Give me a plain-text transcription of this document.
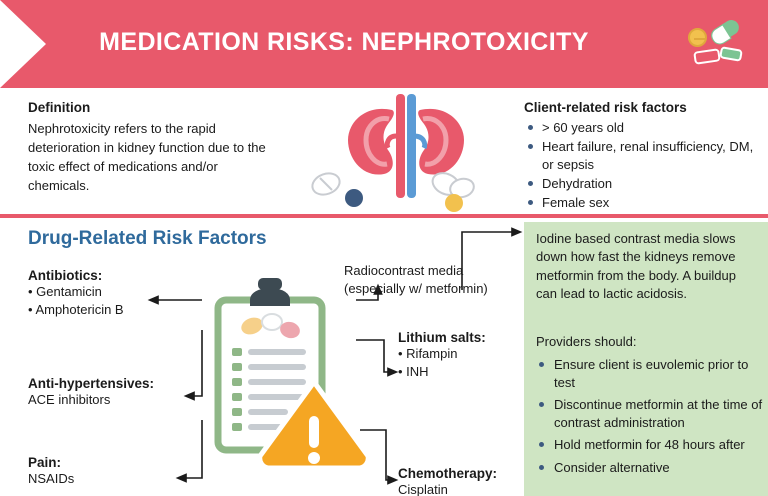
MEDICATION RISKS: NEPHROTOXICITY
Definition
Nephrotoxicity refers to the rapid deterioration in kidney function due to the toxic effect of medications and/or chemicals.
Client-related risk factors
> 60 years old
Heart failure, renal insufficiency, DM, or sepsis
Dehydration
Female sex
Iodine based contrast media slows down how fast the kidneys remove metformin from the body. A buildup can lead to lactic acidosis.
Providers should:
Ensure client is euvolemic prior to test
Discontinue metformin at the time of contrast administration
Hold metformin for 48 hours after
Consider alternative
Drug-Related Risk Factors
Antibiotics:
• Gentamicin
• Amphotericin B
Anti-hypertensives:
ACE inhibitors
Pain:
NSAIDs
Radiocontrast media
(especially w/ metformin)
Lithium salts:
• Rifampin
• INH
Chemotherapy:
Cisplatin
